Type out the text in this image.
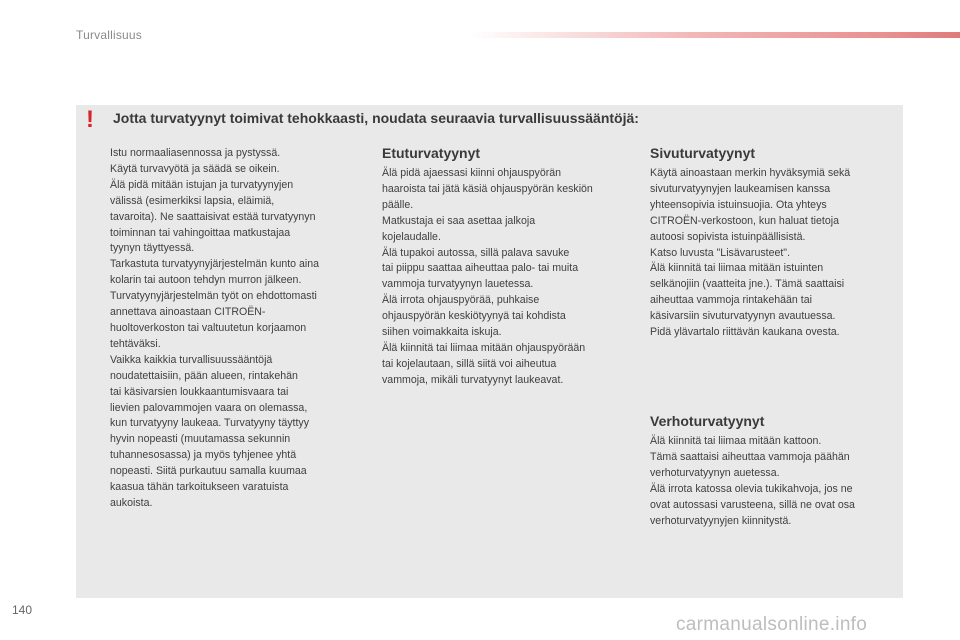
Turvallisuus
! Jotta turvatyynyt toimivat tehokkaasti, noudata seuraavia turvallisuussääntöjä:

Istu normaaliasennossa ja pystyssä.

Käytä turvavyötä ja säädä se oikein.

Älä pidä mitään istujan ja turvatyynyjen

välissä (esimerkiksi lapsia, eläimiä,

tavaroita). Ne saattaisivat estää turvatyynyn

toiminnan tai vahingoittaa matkustajaa

tyynyn täyttyessä.

Tarkastuta turvatyynyjärjestelmän kunto aina

kolarin tai autoon tehdyn murron jälkeen.

Turvatyynyjärjestelmän työt on ehdottomasti

annettava ainoastaan CITROËN-

huoltoverkoston tai valtuutetun korjaamon

tehtäväksi.

Vaikka kaikkia turvallisuussääntöjä

noudatettaisiin, pään alueen, rintakehän

tai käsivarsien loukkaantumisvaara tai

lievien palovammojen vaara on olemassa,

kun turvatyyny laukeaa. Turvatyyny täyttyy

hyvin nopeasti (muutamassa sekunnin

tuhannesosassa) ja myös tyhjenee yhtä

nopeasti. Siitä purkautuu samalla kuumaa

kaasua tähän tarkoitukseen varatuista

aukoista.

Etuturvatyynyt

Älä pidä ajaessasi kiinni ohjauspyörän

haaroista tai jätä käsiä ohjauspyörän keskiön

päälle.

Matkustaja ei saa asettaa jalkoja

kojelaudalle.

Älä tupakoi autossa, sillä palava savuke

tai piippu saattaa aiheuttaa palo- tai muita

vammoja turvatyynyn lauetessa.

Älä irrota ohjauspyörää, puhkaise

ohjauspyörän keskiötyynyä tai kohdista

siihen voimakkaita iskuja.

Älä kiinnitä tai liimaa mitään ohjauspyörään

tai kojelautaan, sillä siitä voi aiheutua

vammoja, mikäli turvatyynyt laukeavat.

Sivuturvatyynyt

Käytä ainoastaan merkin hyväksymiä sekä

sivuturvatyynyjen laukeamisen kanssa

yhteensopivia istuinsuojia. Ota yhteys

CITROËN-verkostoon, kun haluat tietoja

autoosi sopivista istuinpäällisistä.

Katso luvusta "Lisävarusteet".

Älä kiinnitä tai liimaa mitään istuinten

selkänojiin (vaatteita jne.). Tämä saattaisi

aiheuttaa vammoja rintakehään tai

käsivarsiin sivuturvatyynyn avautuessa.

Pidä ylävartalo riittävän kaukana ovesta.

Verhoturvatyynyt

Älä kiinnitä tai liimaa mitään kattoon.

Tämä saattaisi aiheuttaa vammoja päähän

verhoturvatyynyn auetessa.

Älä irrota katossa olevia tukikahvoja, jos ne

ovat autossasi varusteena, sillä ne ovat osa

verhoturvatyynyjen kiinnitystä.

140
carmanualsonline.info
